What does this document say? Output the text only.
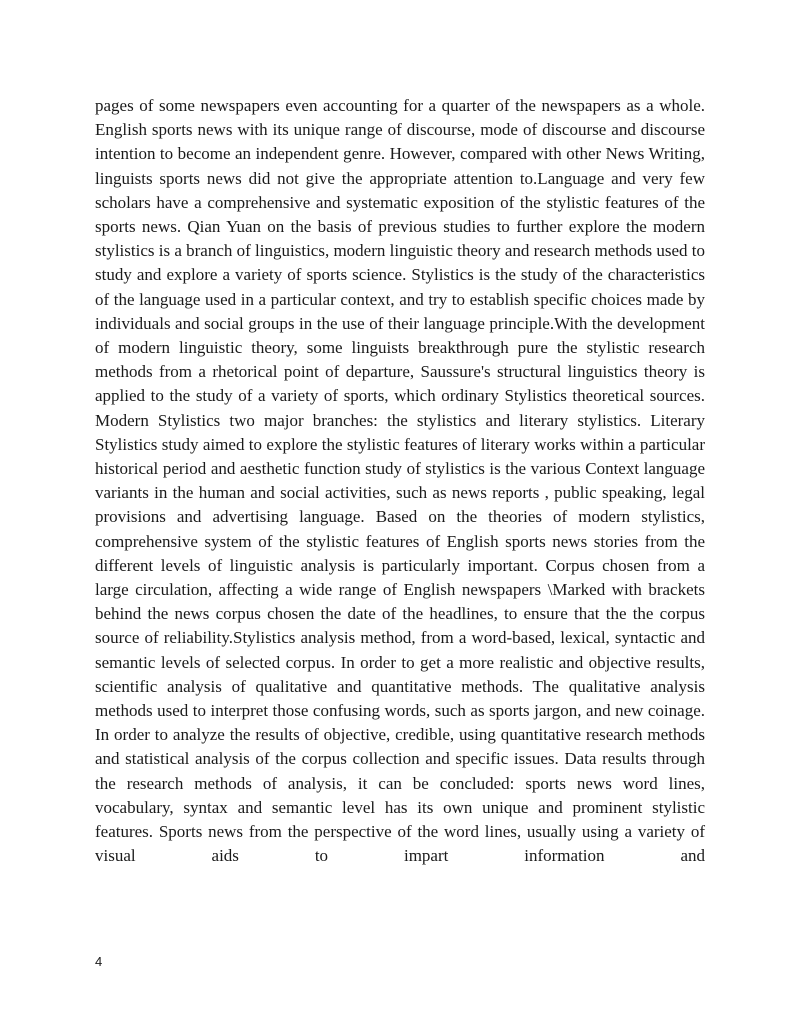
pages of some newspapers even accounting for a quarter of the newspapers as a whole. English sports news with its unique range of discourse, mode of discourse and discourse intention to become an independent genre. However, compared with other News Writing, linguists sports news did not give the appropriate attention to.Language and very few scholars have a comprehensive and systematic exposition of the stylistic features of the sports news. Qian Yuan on the basis of previous studies to further explore the modern stylistics is a branch of linguistics, modern linguistic theory and research methods used to study and explore a variety of sports science. Stylistics is the study of the characteristics of the language used in a particular context, and try to establish specific choices made by individuals and social groups in the use of their language principle.With the development of modern linguistic theory, some linguists breakthrough pure the stylistic research methods from a rhetorical point of departure, Saussure's structural linguistics theory is applied to the study of a variety of sports, which ordinary Stylistics theoretical sources. Modern Stylistics two major branches: the stylistics and literary stylistics. Literary Stylistics study aimed to explore the stylistic features of literary works within a particular historical period and aesthetic function study of stylistics is the various Context language variants in the human and social activities, such as news reports , public speaking, legal provisions and advertising language. Based on the theories of modern stylistics, comprehensive system of the stylistic features of English sports news stories from the different levels of linguistic analysis is particularly important. Corpus chosen from a large circulation, affecting a wide range of English newspapers \Marked with brackets behind the news corpus chosen the date of the headlines, to ensure that the the corpus source of reliability.Stylistics analysis method, from a word-based, lexical, syntactic and semantic levels of selected corpus. In order to get a more realistic and objective results, scientific analysis of qualitative and quantitative methods. The qualitative analysis methods used to interpret those confusing words, such as sports jargon, and new coinage. In order to analyze the results of objective, credible, using quantitative research methods and statistical analysis of the corpus collection and specific issues. Data results through the research methods of analysis, it can be concluded: sports news word lines, vocabulary, syntax and semantic level has its own unique and prominent stylistic features. Sports news from the perspective of the word lines, usually using a variety of visual aids to impart information and

4
